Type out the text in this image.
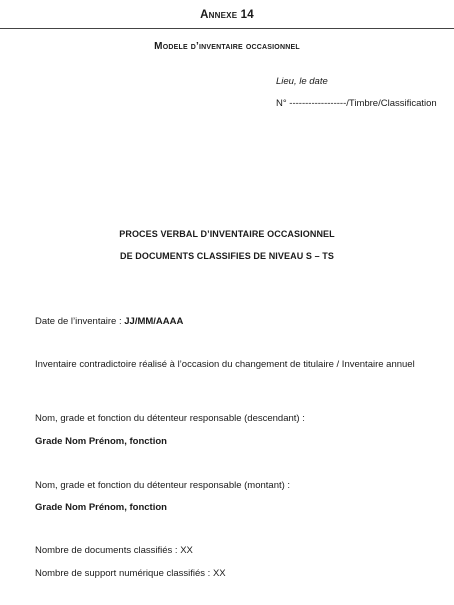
Annexe 14
Modele d’inventaire occasionnel
Lieu, le date
N° ------------------/Timbre/Classification
PROCES VERBAL D’INVENTAIRE OCCASIONNEL
DE DOCUMENTS CLASSIFIES DE NIVEAU S – TS
Date de l’inventaire : JJ/MM/AAAA
Inventaire contradictoire réalisé à l’occasion du changement de titulaire / Inventaire annuel
Nom, grade et fonction du détenteur responsable (descendant) :
Grade Nom Prénom, fonction
Nom, grade et fonction du détenteur responsable (montant) :
Grade Nom Prénom, fonction
Nombre de documents classifiés : XX
Nombre de support numérique classifiés : XX
